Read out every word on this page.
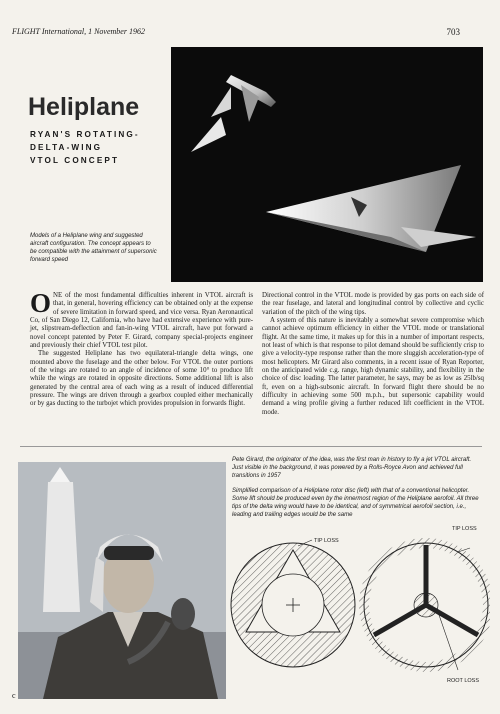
FLIGHT International, 1 November 1962	703
Heliplane
RYAN'S ROTATING-
DELTA-WING
VTOL CONCEPT
Models of a Heliplane wing and suggested aircraft configuration. The concept appears to be compatible with the attainment of supersonic forward speed

ONE of the most fundamental difficulties inherent in VTOL aircraft is that, in general, hovering efficiency can be obtained only at the expense of severe limitation in forward speed, and vice versa. Ryan Aeronautical Co, of San Diego 12, California, who have had extensive experience with pure-jet, slipstream-deflection and fan-in-wing VTOL aircraft, have put forward a novel concept patented by Peter F. Girard, company special-projects engineer and previously their chief VTOL test pilot.

The suggested Heliplane has two equilateral-triangle delta wings, one mounted above the fuselage and the other below. For VTOL the outer portions of the wings are rotated to an angle of incidence of some 10° to produce lift while the wings are rotated in opposite directions. Some additional lift is also generated by the central area of each wing as a result of induced differential pressure. The wings are driven through a gearbox coupled either mechanically or by gas ducting to the turbojet which provides propulsion in forwards flight.

Directional control in the VTOL mode is provided by gas ports on each side of the rear fuselage, and lateral and longitudinal control by collective and cyclic variation of the pitch of the wing tips.

A system of this nature is inevitably a somewhat severe compromise which cannot achieve optimum efficiency in either the VTOL mode or translational flight. At the same time, it makes up for this in a number of important respects, not least of which is that response to pilot demand should be sufficiently crisp to give a velocity-type response rather than the more sluggish acceleration-type of most helicopters. Mr Girard also comments, in a recent issue of Ryan Reporter, on the anticipated wide c.g. range, high dynamic stability, and flexibility in the choice of disc loading. The latter parameter, he says, may be as low as 25lb/sq ft, even on a high-subsonic aircraft. In forward flight there should be no difficulty in achieving some 500 m.p.h., but supersonic capability would demand a wing profile giving a further reduced lift coefficient in the VTOL mode.

Pete Girard, the originator of the idea, was the first man in history to fly a jet VTOL aircraft. Just visible in the background, it was powered by a Rolls-Royce Avon and achieved full transitions in 1957
Simplified comparison of a Heliplane rotor disc (left) with that of a conventional helicopter. Some lift should be produced even by the innermost region of the Heliplane aerofoil. All three tips of the delta wing would have to be identical, and of symmetrical aerofoil section, i.e., leading and trailing edges would be the same
TIP LOSS
TIP LOSS
ROOT LOSS
c
